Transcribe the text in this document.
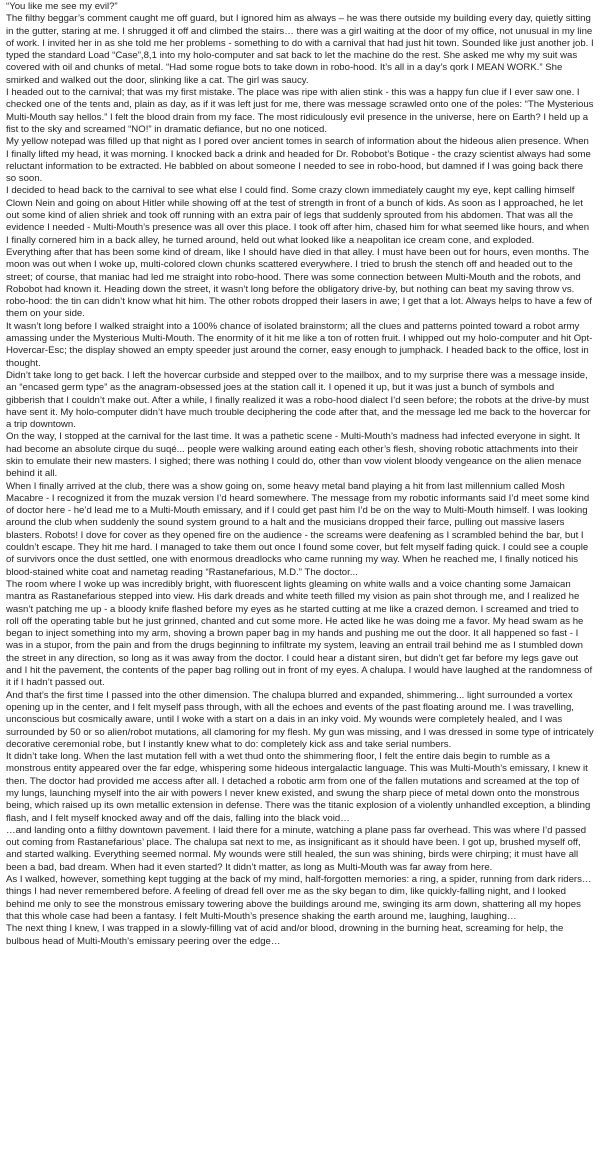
“You like me see my evil?”

The filthy beggar’s comment caught me off guard, but I ignored him as always – he was there outside my building every day, quietly sitting in the gutter, staring at me. I shrugged it off and climbed the stairs… there was a girl waiting at the door of my office, not unusual in my line of work. I invited her in as she told me her problems - something to do with a carnival that had just hit town. Sounded like just another job. I typed the standard Load “Case”,8,1 into my holo-computer and sat back to let the machine do the rest. She asked me why my suit was covered with oil and chunks of metal. “Had some rogue bots to take down in robo-hood. It’s all in a day’s qork I MEAN WORK.” She smirked and walked out the door, slinking like a cat. The girl was saucy.

I headed out to the carnival; that was my first mistake. The place was ripe with alien stink - this was a happy fun clue if I ever saw one. I checked one of the tents and, plain as day, as if it was left just for me, there was message scrawled onto one of the poles: “The Mysterious Multi-Mouth say hellos.” I felt the blood drain from my face. The most ridiculously evil presence in the universe, here on Earth? I held up a fist to the sky and screamed “NO!” in dramatic defiance, but no one noticed.

My yellow notepad was filled up that night as I pored over ancient tomes in search of information about the hideous alien presence. When I finally lifted my head, it was morning. I knocked back a drink and headed for Dr. Robobot’s Botique - the crazy scientist always had some reluctant information to be extracted. He babbled on about someone I needed to see in robo-hood, but damned if I was going back there so soon.

I decided to head back to the carnival to see what else I could find. Some crazy clown immediately caught my eye, kept calling himself Clown Nein and going on about Hitler while showing off at the test of strength in front of a bunch of kids. As soon as I approached, he let out some kind of alien shriek and took off running with an extra pair of legs that suddenly sprouted from his abdomen. That was all the evidence I needed - Multi-Mouth’s presence was all over this place. I took off after him, chased him for what seemed like hours, and when I finally cornered him in a back alley, he turned around, held out what looked like a neapolitan ice cream cone, and exploded.

Everything after that has been some kind of dream, like I should have died in that alley. I must have been out for hours, even months. The moon was out when I woke up, multi-colored clown chunks scattered everywhere. I tried to brush the stench off and headed out to the street; of course, that maniac had led me straight into robo-hood. There was some connection between Multi-Mouth and the robots, and Robobot had known it. Heading down the street, it wasn’t long before the obligatory drive-by, but nothing can beat my saving throw vs. robo-hood: the tin can didn’t know what hit him. The other robots dropped their lasers in awe; I get that a lot. Always helps to have a few of them on your side.

It wasn’t long before I walked straight into a 100% chance of isolated brainstorm; all the clues and patterns pointed toward a robot army amassing under the Mysterious Multi-Mouth. The enormity of it hit me like a ton of rotten fruit. I whipped out my holo-computer and hit Opt-Hovercar-Esc; the display showed an empty speeder just around the corner, easy enough to jumphack. I headed back to the office, lost in thought.

Didn’t take long to get back. I left the hovercar curbside and stepped over to the mailbox, and to my surprise there was a message inside, an “encased germ type” as the anagram-obsessed joes at the station call it. I opened it up, but it was just a bunch of symbols and gibberish that I couldn’t make out. After a while, I finally realized it was a robo-hood dialect I’d seen before; the robots at the drive-by must have sent it. My holo-computer didn’t have much trouble deciphering the code after that, and the message led me back to the hovercar for a trip downtown.

On the way, I stopped at the carnival for the last time. It was a pathetic scene - Multi-Mouth’s madness had infected everyone in sight. It had become an absolute cirque du suqé... people were walking around eating each other’s flesh, shoving robotic attachments into their skin to emulate their new masters. I sighed; there was nothing I could do, other than vow violent bloody vengeance on the alien menace behind it all.

When I finally arrived at the club, there was a show going on, some heavy metal band playing a hit from last millennium called Mosh Macabre - I recognized it from the muzak version I’d heard somewhere. The message from my robotic informants said I’d meet some kind of doctor here - he’d lead me to a Multi-Mouth emissary, and if I could get past him I’d be on the way to Multi-Mouth himself. I was looking around the club when suddenly the sound system ground to a halt and the musicians dropped their farce, pulling out massive lasers blasters. Robots! I dove for cover as they opened fire on the audience - the screams were deafening as I scrambled behind the bar, but I couldn’t escape. They hit me hard. I managed to take them out once I found some cover, but felt myself fading quick. I could see a couple of survivors once the dust settled, one with enormous dreadlocks who came running my way. When he reached me, I finally noticed his blood-stained white coat and nametag reading “Rastanefarious, M.D.” The doctor...

The room where I woke up was incredibly bright, with fluorescent lights gleaming on white walls and a voice chanting some Jamaican mantra as Rastanefarious stepped into view. His dark dreads and white teeth filled my vision as pain shot through me, and I realized he wasn’t patching me up - a bloody knife flashed before my eyes as he started cutting at me like a crazed demon. I screamed and tried to roll off the operating table but he just grinned, chanted and cut some more. He acted like he was doing me a favor. My head swam as he began to inject something into my arm, shoving a brown paper bag in my hands and pushing me out the door. It all happened so fast - I was in a stupor, from the pain and from the drugs beginning to infiltrate my system, leaving an entrail trail behind me as I stumbled down the street in any direction, so long as it was away from the doctor. I could hear a distant siren, but didn’t get far before my legs gave out and I hit the pavement, the contents of the paper bag rolling out in front of my eyes. A chalupa. I would have laughed at the randomness of it if I hadn’t passed out.

And that’s the first time I passed into the other dimension. The chalupa blurred and expanded, shimmering... light surrounded a vortex opening up in the center, and I felt myself pass through, with all the echoes and events of the past floating around me. I was travelling, unconscious but cosmically aware, until I woke with a start on a dais in an inky void. My wounds were completely healed, and I was surrounded by 50 or so alien/robot mutations, all clamoring for my flesh. My gun was missing, and I was dressed in some type of intricately decorative ceremonial robe, but I instantly knew what to do: completely kick ass and take serial numbers.

It didn’t take long. When the last mutation fell with a wet thud onto the shimmering floor, I felt the entire dais begin to rumble as a monstrous entity appeared over the far edge, whispering some hideous intergalactic language. This was Multi-Mouth’s emissary, I knew it then. The doctor had provided me access after all. I detached a robotic arm from one of the fallen mutations and screamed at the top of my lungs, launching myself into the air with powers I never knew existed, and swung the sharp piece of metal down onto the monstrous being, which raised up its own metallic extension in defense. There was the titanic explosion of a violently unhandled exception, a blinding flash, and I felt myself knocked away and off the dais, falling into the black void…

…and landing onto a filthy downtown pavement. I laid there for a minute, watching a plane pass far overhead. This was where I’d passed out coming from Rastanefarious’ place. The chalupa sat next to me, as insignificant as it should have been. I got up, brushed myself off, and started walking. Everything seemed normal. My wounds were still healed, the sun was shining, birds were chirping; it must have all been a bad, bad dream. When had it even started? It didn’t matter, as long as Multi-Mouth was far away from here.

As I walked, however, something kept tugging at the back of my mind, half-forgotten memories: a ring, a spider, running from dark riders… things I had never remembered before. A feeling of dread fell over me as the sky began to dim, like quickly-falling night, and I looked behind me only to see the monstrous emissary towering above the buildings around me, swinging its arm down, shattering all my hopes that this whole case had been a fantasy. I felt Multi-Mouth’s presence shaking the earth around me, laughing, laughing…

The next thing I knew, I was trapped in a slowly-filling vat of acid and/or blood, drowning in the burning heat, screaming for help, the bulbous head of Multi-Mouth’s emissary peering over the edge…
